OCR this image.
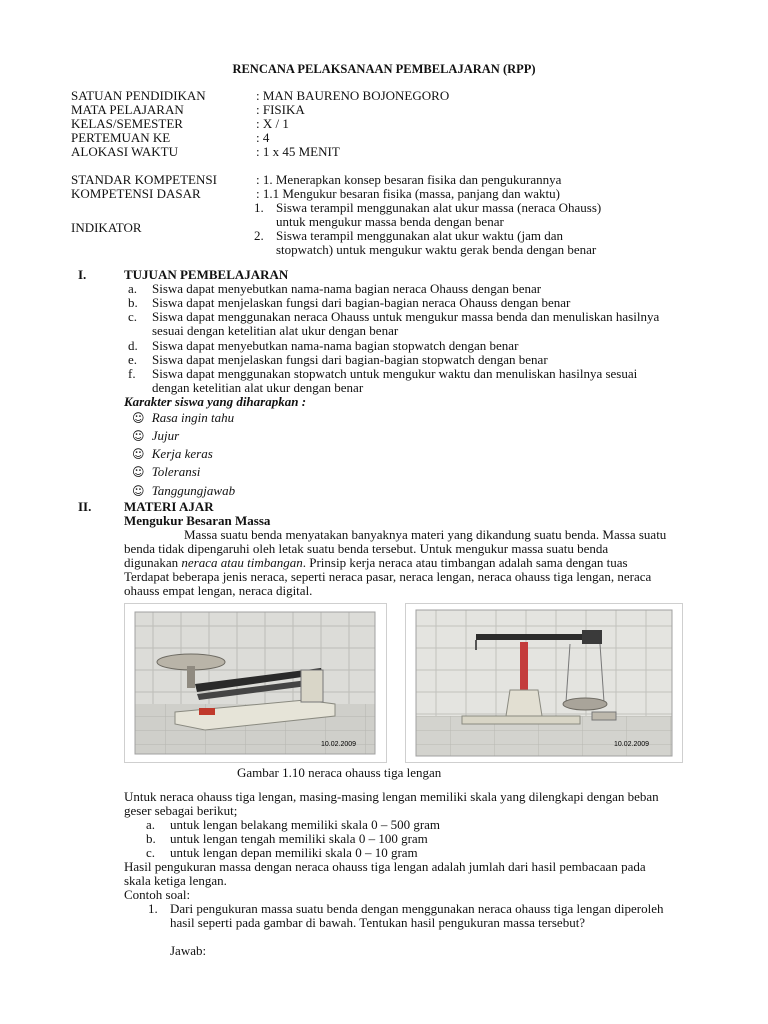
RENCANA PELAKSANAAN PEMBELAJARAN (RPP)
SATUAN PENDIDIKAN	: MAN BAURENO BOJONEGORO
MATA PELAJARAN	: FISIKA
KELAS/SEMESTER	: X / 1
PERTEMUAN KE	: 4
ALOKASI WAKTU	: 1 x 45 MENIT
STANDAR KOMPETENSI	: 1. Menerapkan konsep besaran fisika dan pengukurannya
KOMPETENSI DASAR	: 1.1 Mengukur besaran fisika (massa, panjang dan waktu)
INDIKATOR
1. Siswa terampil menggunakan alat ukur massa (neraca Ohauss)
untuk mengukur massa benda dengan benar
2. Siswa terampil menggunakan alat ukur waktu (jam dan
stopwatch) untuk mengukur waktu gerak benda dengan benar
I.	TUJUAN PEMBELAJARAN
a. Siswa dapat menyebutkan nama-nama bagian neraca Ohauss dengan benar
b. Siswa dapat menjelaskan fungsi dari bagian-bagian neraca Ohauss dengan benar
c. Siswa dapat menggunakan neraca Ohauss untuk mengukur massa benda dan menuliskan hasilnya
sesuai dengan ketelitian alat ukur dengan benar
d. Siswa dapat menyebutkan nama-nama bagian stopwatch dengan benar
e. Siswa dapat menjelaskan fungsi dari bagian-bagian stopwatch dengan benar
f. Siswa dapat menggunakan stopwatch untuk mengukur waktu dan menuliskan hasilnya sesuai
dengan ketelitian alat ukur dengan benar
Karakter siswa yang diharapkan :
☺ Rasa ingin tahu
☺ Jujur
☺ Kerja keras
☺ Toleransi
☺ Tanggungjawab
II.	MATERI AJAR
Mengukur Besaran Massa
Massa suatu benda menyatakan banyaknya materi yang dikandung suatu benda. Massa suatu
benda tidak dipengaruhi oleh letak suatu benda tersebut. Untuk mengukur massa suatu benda
digunakan neraca atau timbangan. Prinsip kerja neraca atau timbangan adalah sama dengan tuas
Terdapat beberapa jenis neraca, seperti neraca pasar, neraca lengan, neraca ohauss tiga lengan, neraca
ohauss empat lengan, neraca digital.
10.02.2009	10.02.2009
Gambar 1.10 neraca ohauss tiga lengan
Untuk neraca ohauss tiga lengan, masing-masing lengan memiliki skala yang dilengkapi dengan beban
geser sebagai berikut;
a. untuk lengan belakang memiliki skala 0 – 500 gram
b. untuk lengan tengah memiliki skala 0 – 100 gram
c. untuk lengan depan memiliki skala 0 – 10 gram
Hasil pengukuran massa dengan neraca ohauss tiga lengan adalah jumlah dari hasil pembacaan pada
skala ketiga lengan.
Contoh soal:
1. Dari pengukuran massa suatu benda dengan menggunakan neraca ohauss tiga lengan diperoleh
hasil seperti pada gambar di bawah. Tentukan hasil pengukuran massa tersebut?
Jawab:
